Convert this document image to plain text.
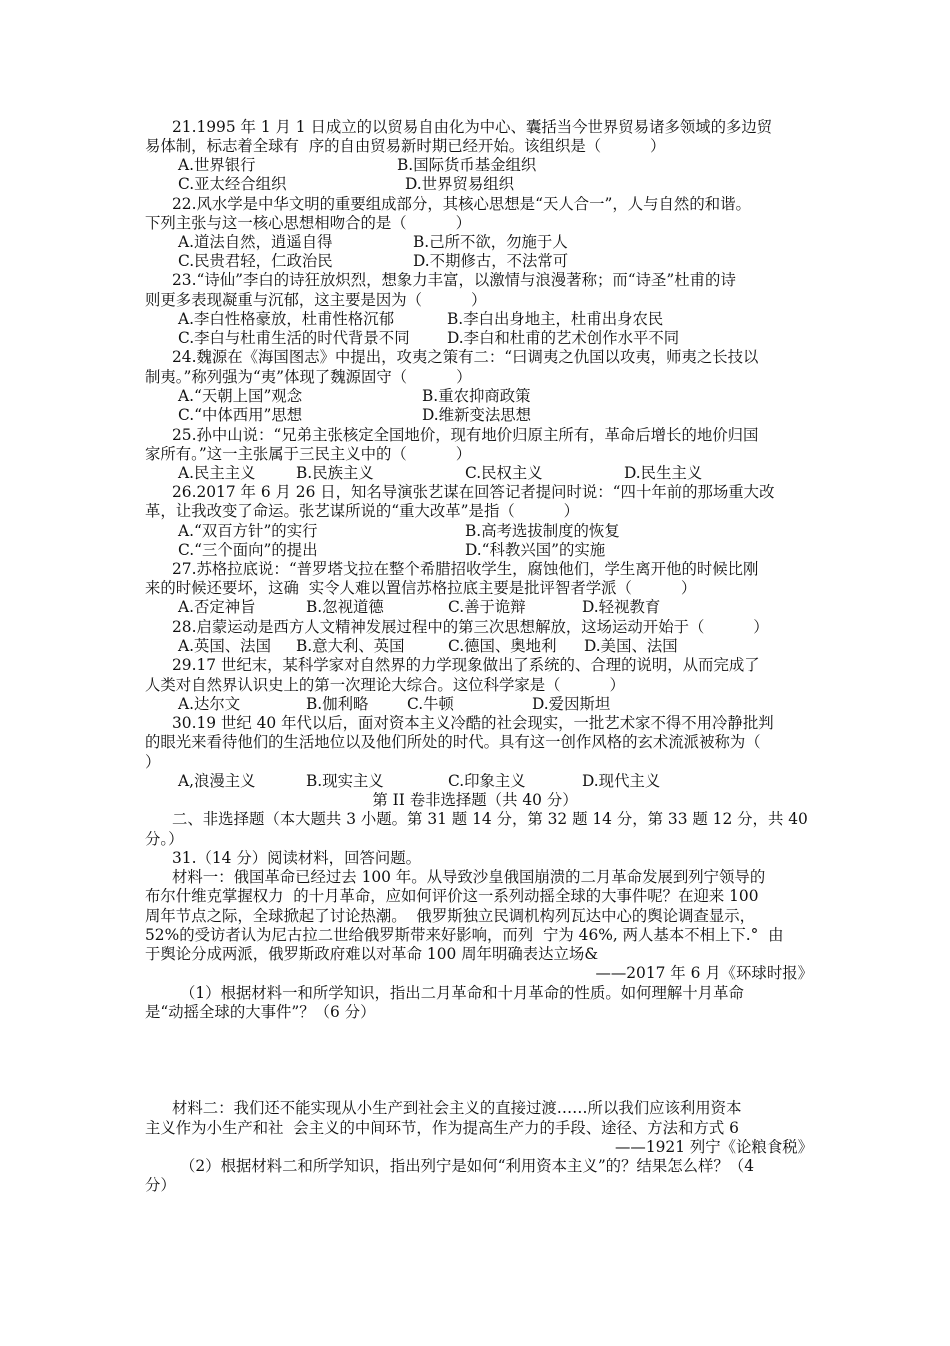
21.1995 年 1 月 1 日成立的以贸易自由化为中心、囊括当今世界贸易诸多领域的多边贸
易体制，标志着全球有  序的自由贸易新时期已经开始。该组织是（          ）
A.世界银行	B.国际货币基金组织
C.亚太经合组织	D.世界贸易组织
22.风水学是中华文明的重要组成部分，其核心思想是“天人合一”，人与自然的和谐。
下列主张与这一核心思想相吻合的是（          ）
A.道法自然，逍遥自得	B.己所不欲，勿施于人
C.民贵君轻，仁政治民	D.不期修古，不法常可
23.“诗仙”李白的诗狂放炽烈，想象力丰富，以激情与浪漫著称；而“诗圣”杜甫的诗
则更多表现凝重与沉郁，这主要是因为（          ）
A.李白性格豪放，杜甫性格沉郁	B.李白出身地主，杜甫出身农民
C.李白与杜甫生活的时代背景不同 D.李白和杜甫的艺术创作水平不同
24.魏源在《海国图志》中提出，攻夷之策有二：“曰调夷之仇国以攻夷，师夷之长技以
制夷。”称列强为“夷”体现了魏源固守（          ）
A.“天朝上国”观念	B.重农抑商政策
C.“中体西用”思想	D.维新变法思想
25.孙中山说：“兄弟主张核定全国地价，现有地价归原主所有，革命后增长的地价归国
家所有。”这一主张属于三民主义中的（          ）
A.民主主义	B.民族主义	C.民权主义	D.民生主义
26.2017 年 6 月 26 日，知名导演张艺谋在回答记者提问时说：“四十年前的那场重大改
革，让我改变了命运。张艺谋所说的“重大改革”是指（          ）
A.“双百方针”的实行	B.高考选拔制度的恢复
C.“三个面向”的提出	D.“科教兴国”的实施
27.苏格拉底说：“普罗塔戈拉在整个希腊招收学生，腐蚀他们，学生离开他的时候比刚
来的时候还要坏，这确  实令人难以置信苏格拉底主要是批评智者学派（          ）
A.否定神旨	B.忽视道德	C.善于诡辩	D.轻视教育
28.启蒙运动是西方人文精神发展过程中的第三次思想解放，这场运动开始于（          ）
A.英国、法国 B.意大利、英国	C.德国、奥地利 D.美国、法国
29.17 世纪末，某科学家对自然界的力学现象做出了系统的、合理的说明，从而完成了
人类对自然界认识史上的第一次理论大综合。这位科学家是（          ）
A.达尔文	B.伽利略	C.牛顿	D.爱因斯坦
30.19 世纪 40 年代以后，面对资本主义冷酷的社会现实，一批艺术家不得不用冷静批判
的眼光来看待他们的生活地位以及他们所处的时代。具有这一创作风格的玄术流派被称为（
）
A,浪漫主义	B.现实主义	C.印象主义	D.现代主义
第 II 卷非选择题（共 40 分）
二、非选择题（本大题共 3 小题。第 31 题 14 分，第 32 题 14 分，第 33 题 12 分，共 40
分。）
31.（14 分）阅读材料，回答问题。
材料一：俄国革命已经过去 100 年。从导致沙皇俄国崩溃的二月革命发展到列宁领导的
布尔什维克掌握权力  的十月革命，应如何评价这一系列动摇全球的大事件呢？在迎来 100
周年节点之际，全球掀起了讨论热潮。  俄罗斯独立民调机构列瓦达中心的舆论调查显示，
52%的受访者认为尼古拉二世给俄罗斯带来好影响，而列  宁为 46%, 两人基本不相上下.°  由
于舆论分成两派，俄罗斯政府难以对革命 100 周年明确表达立场&
——2017 年 6 月《环球时报》
（1）根据材料一和所学知识，指出二月革命和十月革命的性质。如何理解十月革命
是“动摇全球的大事件”？（6 分）
材料二：我们还不能实现从小生产到社会主义的直接过渡……所以我们应该利用资本
主义作为小生产和社  会主义的中间环节，作为提高生产力的手段、途径、方法和方式 6
——1921 列宁《论粮食税》
（2）根据材料二和所学知识，指出列宁是如何“利用资本主义”的？结果怎么样？（4
分）
